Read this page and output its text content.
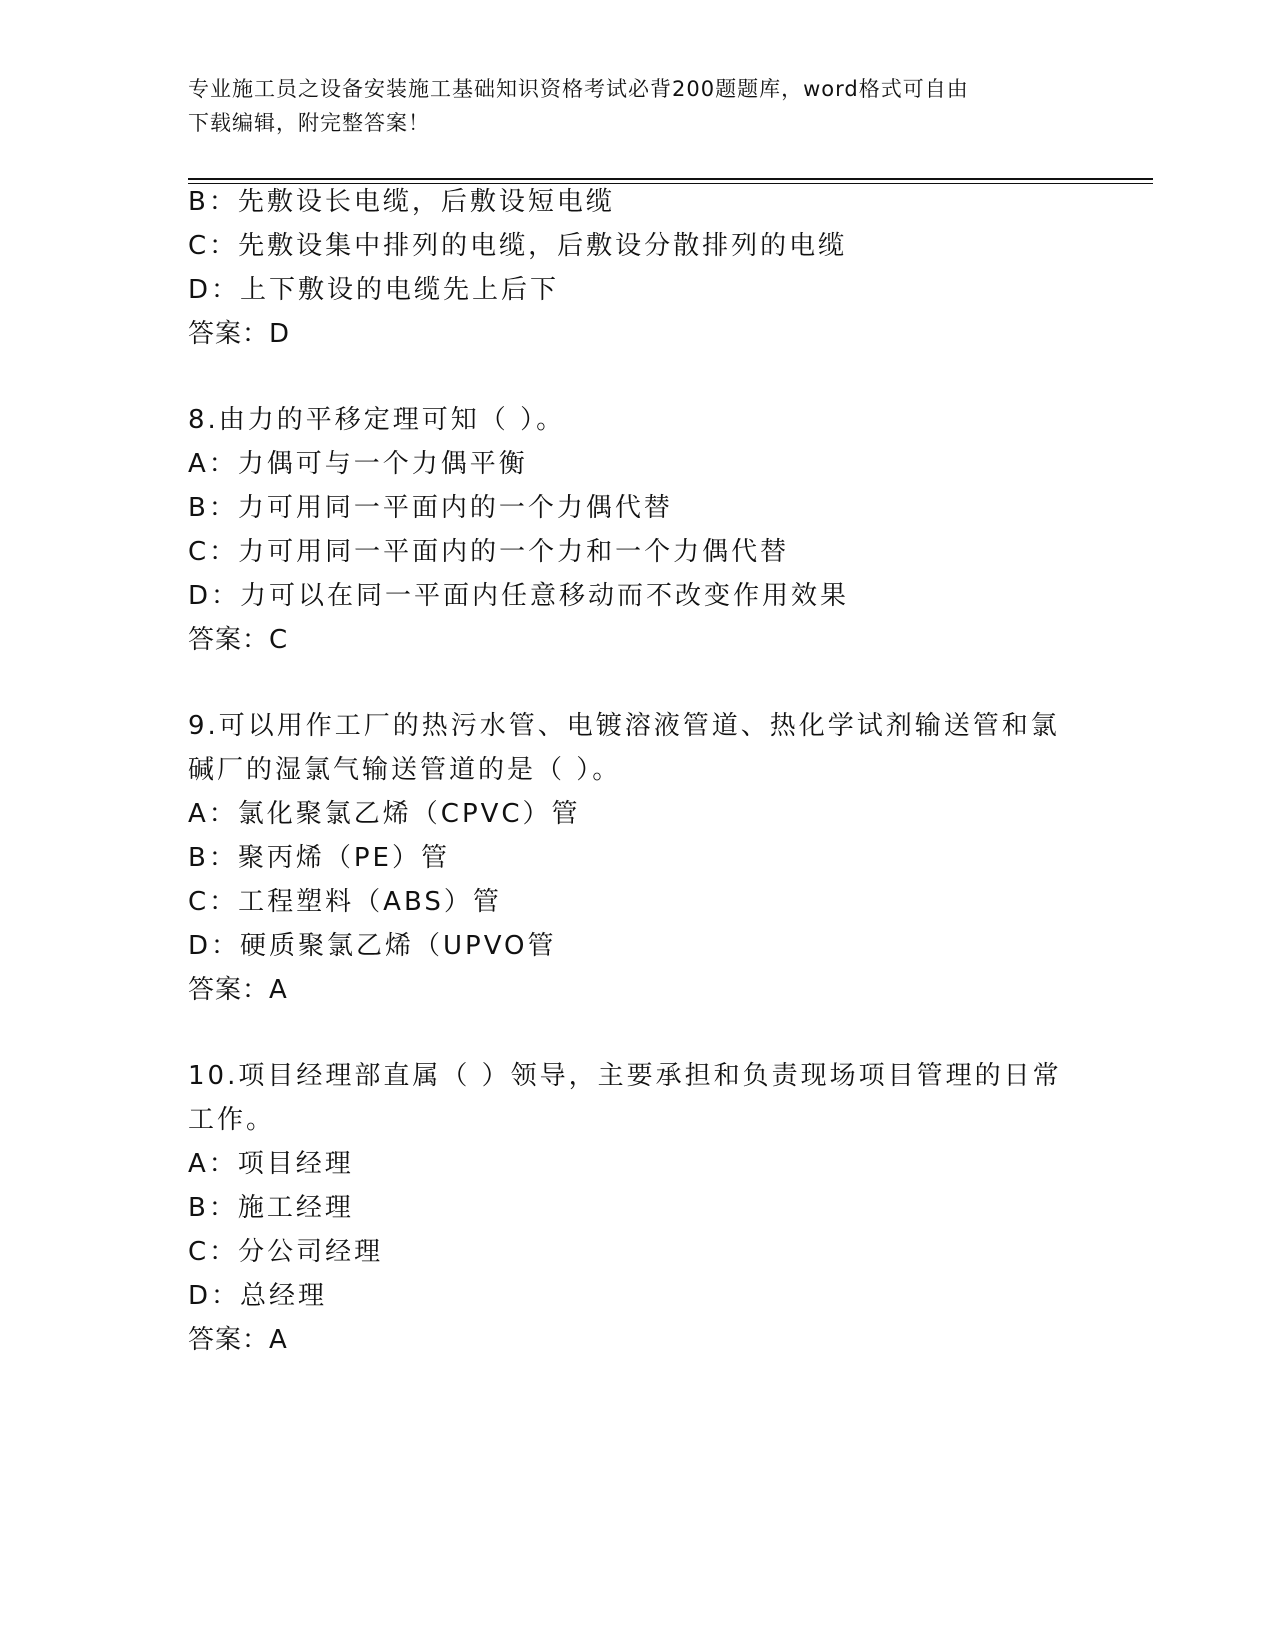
专业施工员之设备安装施工基础知识资格考试必背200题题库，word格式可自由
下载编辑，附完整答案！
B：先敷设长电缆，后敷设短电缆
C：先敷设集中排列的电缆，后敷设分散排列的电缆
D：上下敷设的电缆先上后下
答案：D
8.由力的平移定理可知（ ）。
A：力偶可与一个力偶平衡
B：力可用同一平面内的一个力偶代替
C：力可用同一平面内的一个力和一个力偶代替
D：力可以在同一平面内任意移动而不改变作用效果
答案：C
9.可以用作工厂的热污水管、电镀溶液管道、热化学试剂输送管和氯
碱厂的湿氯气输送管道的是（ ）。
A：氯化聚氯乙烯（CPVC）管
B：聚丙烯（PE）管
C：工程塑料（ABS）管
D：硬质聚氯乙烯（UPVO管
答案：A
10.项目经理部直属（ ）领导，主要承担和负责现场项目管理的日常
工作。
A：项目经理
B：施工经理
C：分公司经理
D：总经理
答案：A
